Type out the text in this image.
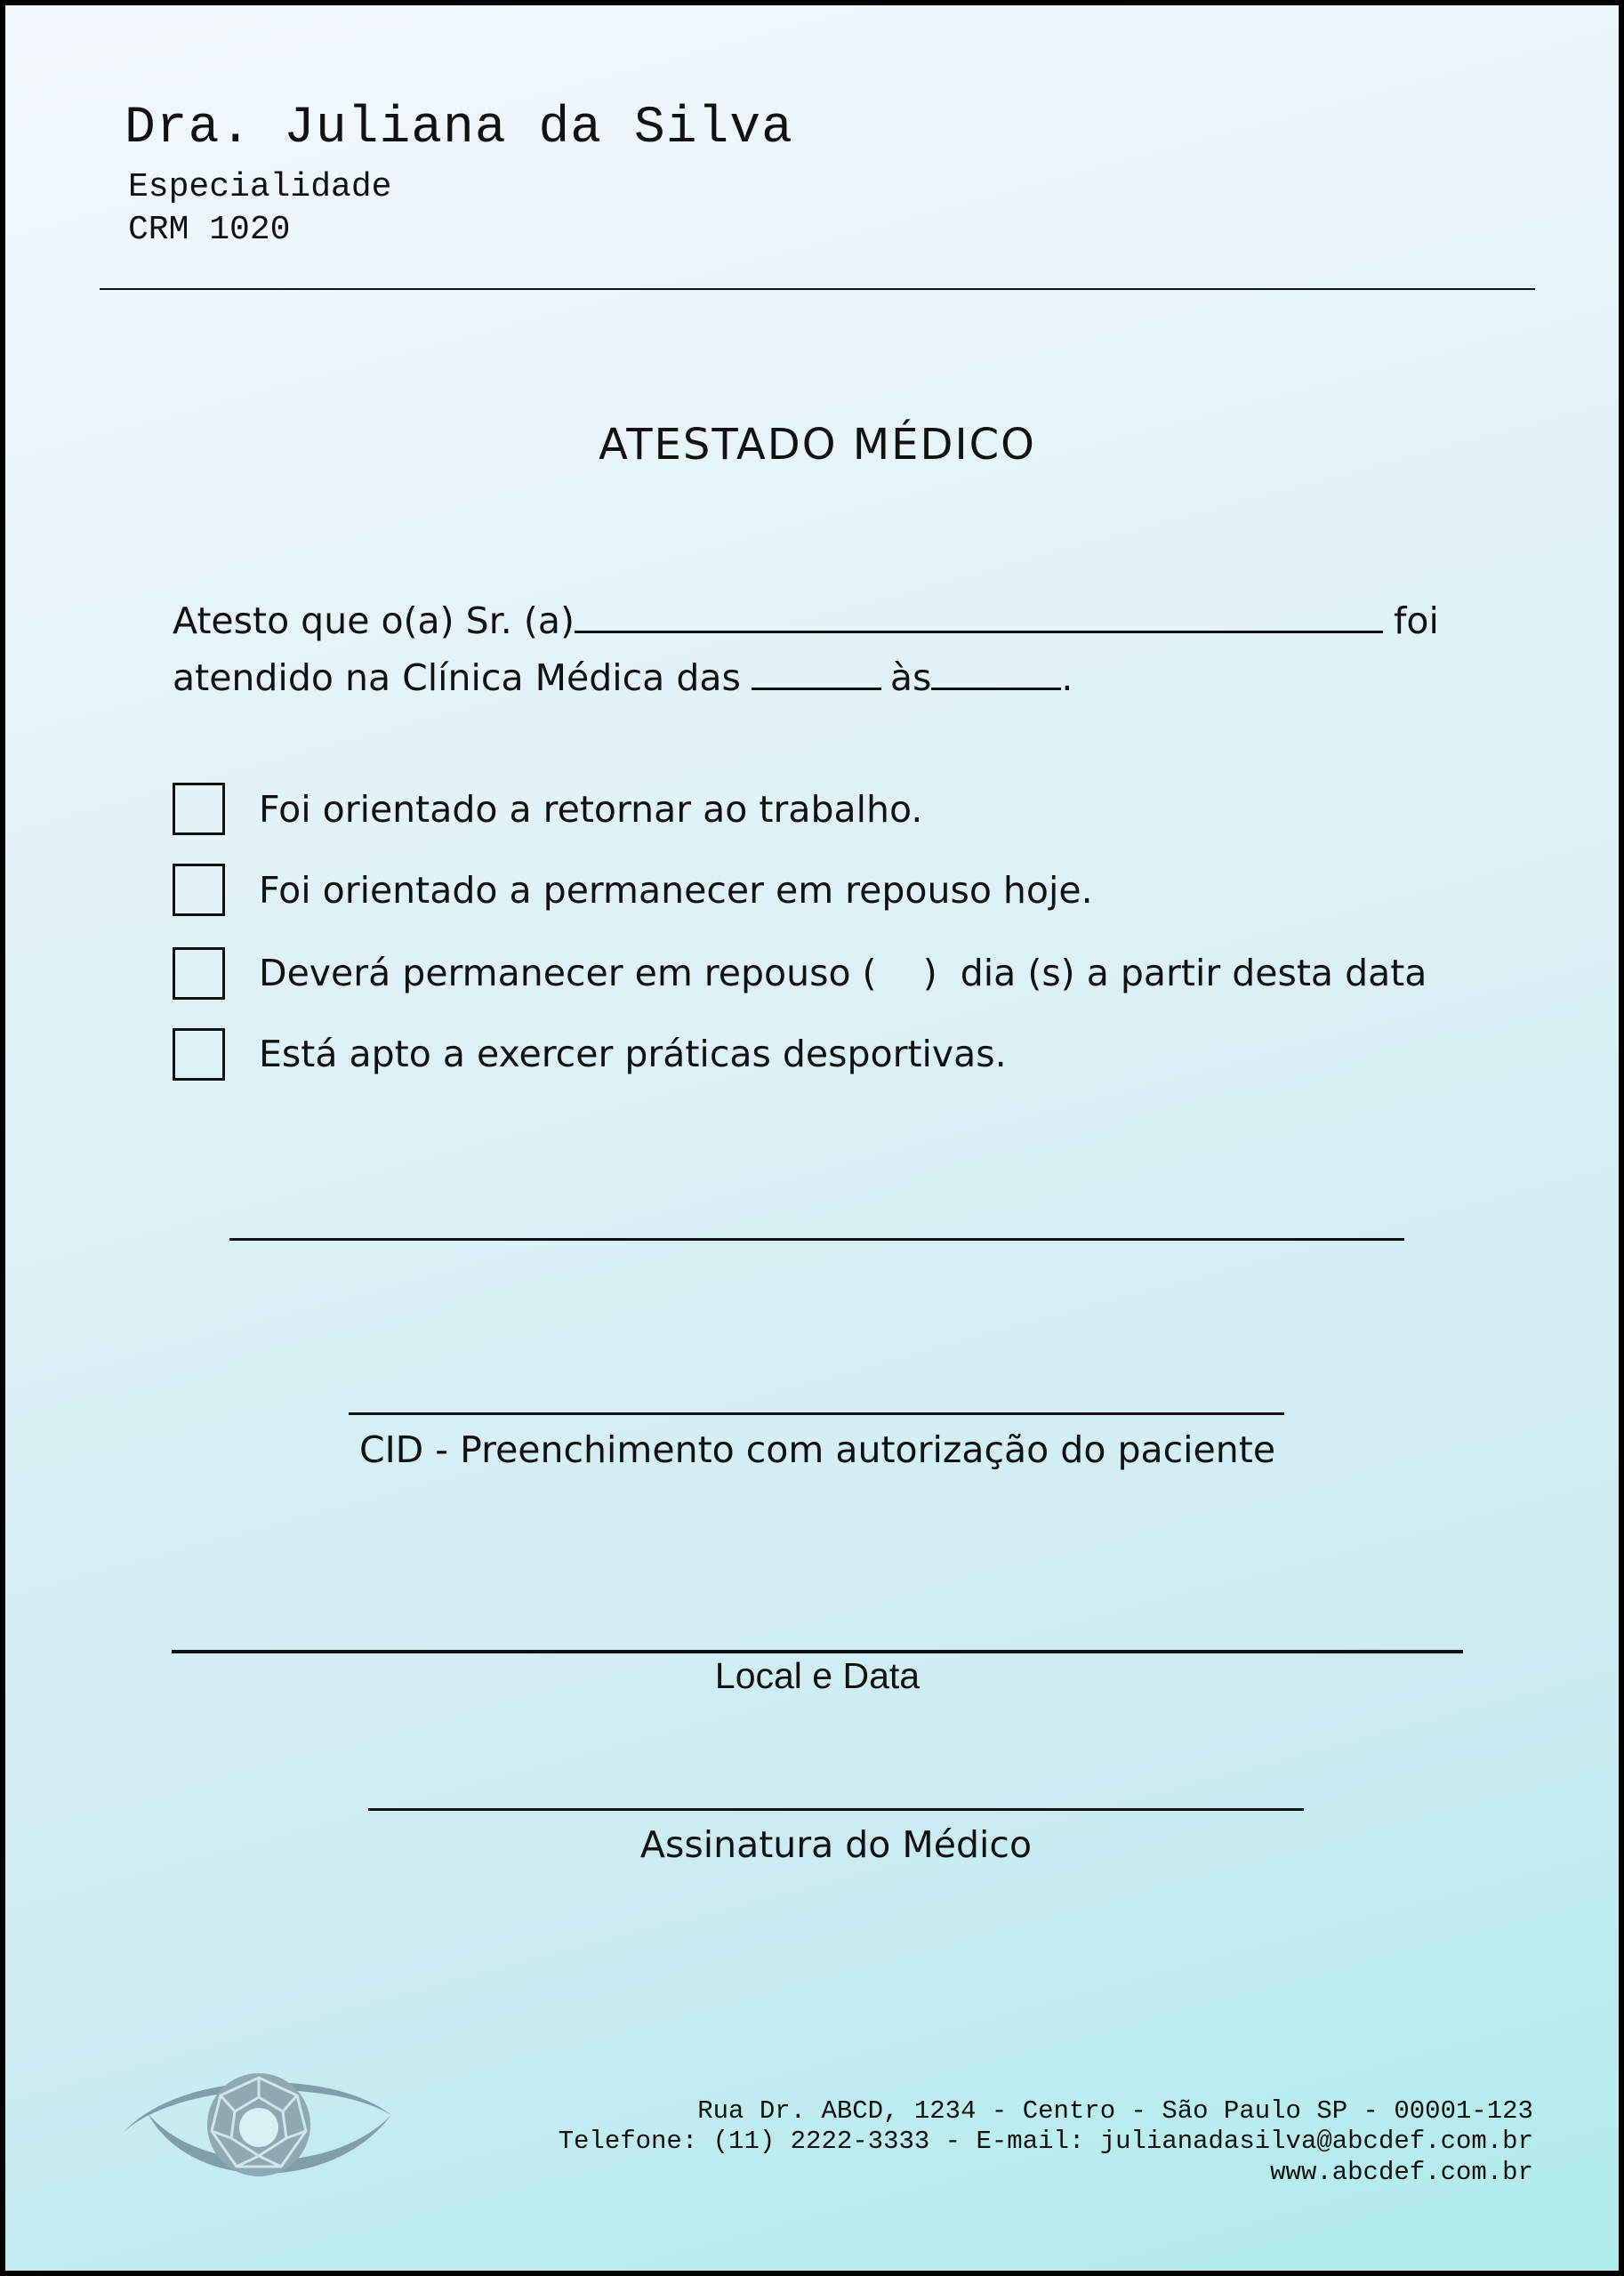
Dra. Juliana da Silva
Especialidade
CRM 1020
ATESTADO MÉDICO
Atesto que o(a) Sr. (a)	foi
atendido na Clínica Médica das	às	.
Foi orientado a retornar ao trabalho.
Foi orientado a permanecer em repouso hoje.
Deverá permanecer em repouso (    )  dia (s) a partir desta data
Está apto a exercer práticas desportivas.
CID - Preenchimento com autorização do paciente
Local e Data
Assinatura do Médico
Rua Dr. ABCD, 1234 - Centro - São Paulo SP - 00001-123
Telefone: (11) 2222-3333 - E-mail: julianadasilva@abcdef.com.br
www.abcdef.com.br
